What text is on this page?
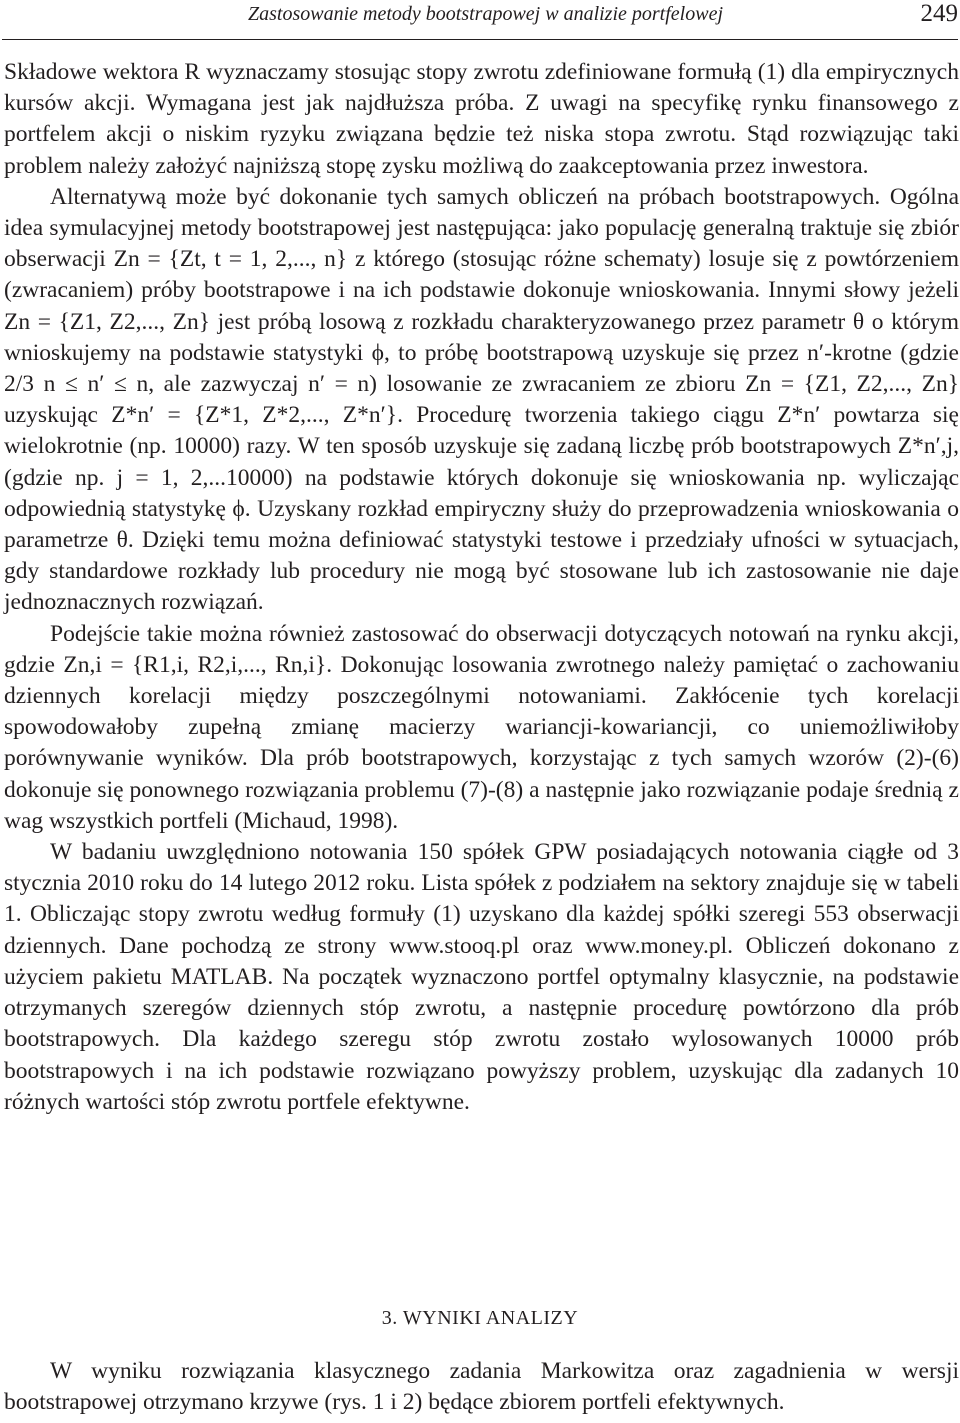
Zastosowanie metody bootstrapowej w analizie portfelowej	249

Składowe wektora R wyznaczamy stosując stopy zwrotu zdefiniowane formułą (1) dla empirycznych kursów akcji. Wymagana jest jak najdłuższa próba. Z uwagi na specyfikę rynku finansowego z portfelem akcji o niskim ryzyku związana będzie też niska stopa zwrotu. Stąd rozwiązując taki problem należy założyć najniższą stopę zysku możliwą do zaakceptowania przez inwestora.

Alternatywą może być dokonanie tych samych obliczeń na próbach bootstrapowych. Ogólna idea symulacyjnej metody bootstrapowej jest następująca: jako populację generalną traktuje się zbiór obserwacji Zn = {Zt, t = 1, 2,..., n} z którego (stosując różne schematy) losuje się z powtórzeniem (zwracaniem) próby bootstrapowe i na ich podstawie dokonuje wnioskowania. Innymi słowy jeżeli Zn = {Z1, Z2,..., Zn} jest próbą losową z rozkładu charakteryzowanego przez parametr θ o którym wnioskujemy na podstawie statystyki ϕ, to próbę bootstrapową uzyskuje się przez n′-krotne (gdzie 2/3 n ≤ n′ ≤ n, ale zazwyczaj n′ = n) losowanie ze zwracaniem ze zbioru Zn = {Z1, Z2,..., Zn} uzyskując Z*n′ = {Z*1, Z*2,..., Z*n′}. Procedurę tworzenia takiego ciągu Z*n′ powtarza się wielokrotnie (np. 10000) razy. W ten sposób uzyskuje się zadaną liczbę prób bootstrapowych Z*n′,j, (gdzie np. j = 1, 2,...10000) na podstawie których dokonuje się wnioskowania np. wyliczając odpowiednią statystykę ϕ. Uzyskany rozkład empiryczny służy do przeprowadzenia wnioskowania o parametrze θ. Dzięki temu można definiować statystyki testowe i przedziały ufności w sytuacjach, gdy standardowe rozkłady lub procedury nie mogą być stosowane lub ich zastosowanie nie daje jednoznacznych rozwiązań.

Podejście takie można również zastosować do obserwacji dotyczących notowań na rynku akcji, gdzie Zn,i = {R1,i, R2,i,..., Rn,i}. Dokonując losowania zwrotnego należy pamiętać o zachowaniu dziennych korelacji między poszczególnymi notowaniami. Zakłócenie tych korelacji spowodowałoby zupełną zmianę macierzy wariancji-kowariancji, co uniemożliwiłoby porównywanie wyników. Dla prób bootstrapowych, korzystając z tych samych wzorów (2)-(6) dokonuje się ponownego rozwiązania problemu (7)-(8) a następnie jako rozwiązanie podaje średnią z wag wszystkich portfeli (Michaud, 1998).

W badaniu uwzględniono notowania 150 spółek GPW posiadających notowania ciągłe od 3 stycznia 2010 roku do 14 lutego 2012 roku. Lista spółek z podziałem na sektory znajduje się w tabeli 1. Obliczając stopy zwrotu według formuły (1) uzyskano dla każdej spółki szeregi 553 obserwacji dziennych. Dane pochodzą ze strony www.stooq.pl oraz www.money.pl. Obliczeń dokonano z użyciem pakietu MATLAB. Na początek wyznaczono portfel optymalny klasycznie, na podstawie otrzymanych szeregów dziennych stóp zwrotu, a następnie procedurę powtórzono dla prób bootstrapowych. Dla każdego szeregu stóp zwrotu zostało wylosowanych 10000 prób bootstrapowych i na ich podstawie rozwiązano powyższy problem, uzyskując dla zadanych 10 różnych wartości stóp zwrotu portfele efektywne.

3. WYNIKI ANALIZY

W wyniku rozwiązania klasycznego zadania Markowitza oraz zagadnienia w wersji bootstrapowej otrzymano krzywe (rys. 1 i 2) będące zbiorem portfeli efektywnych.
